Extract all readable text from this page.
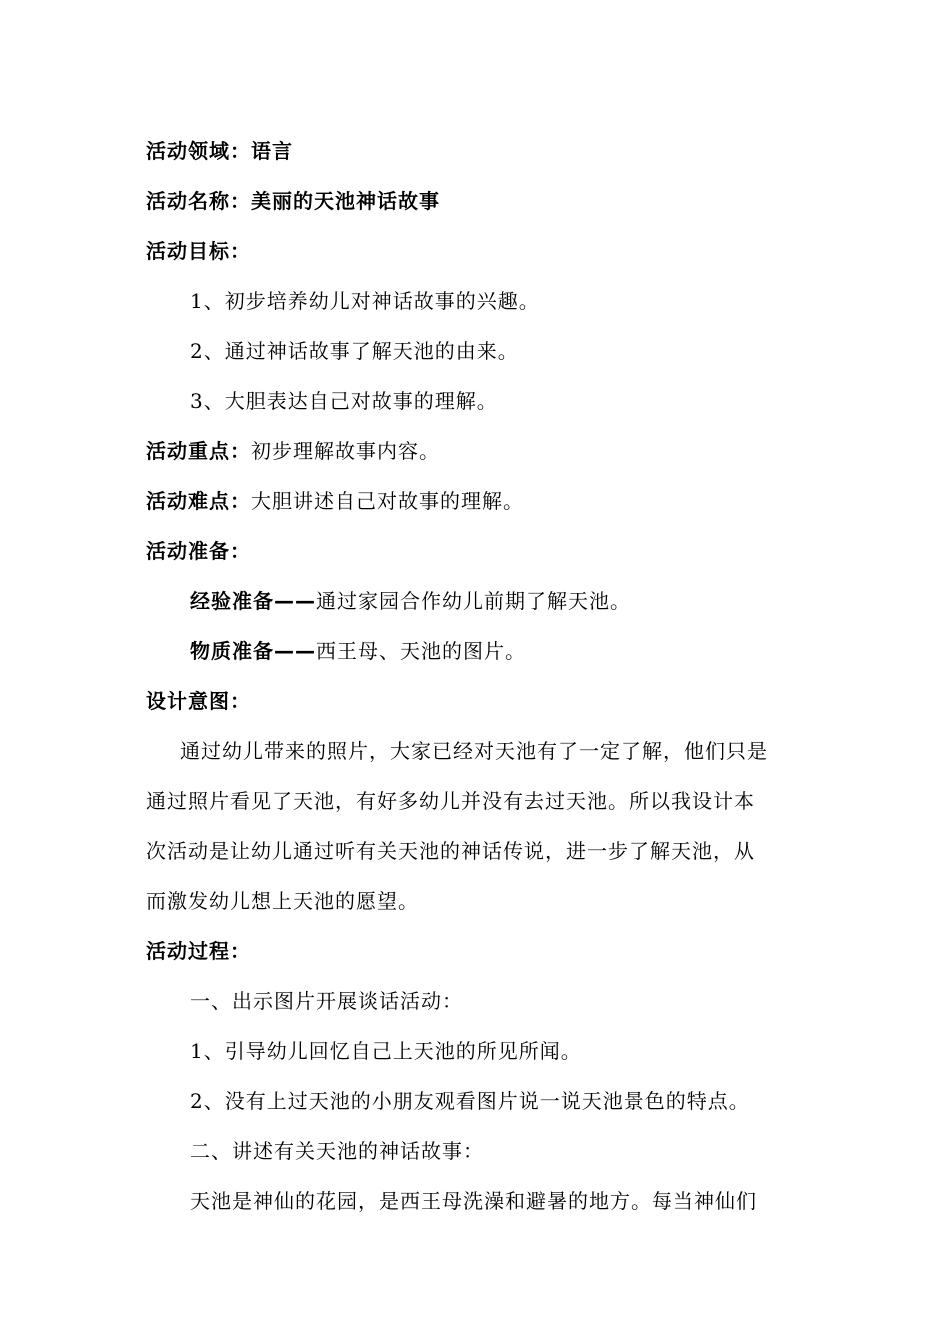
活动领域：语言
活动名称：美丽的天池神话故事
活动目标：
1、初步培养幼儿对神话故事的兴趣。
2、通过神话故事了解天池的由来。
3、大胆表达自己对故事的理解。
活动重点：初步理解故事内容。
活动难点：大胆讲述自己对故事的理解。
活动准备：
经验准备——通过家园合作幼儿前期了解天池。
物质准备——西王母、天池的图片。
设计意图：
通过幼儿带来的照片，大家已经对天池有了一定了解，他们只是
通过照片看见了天池，有好多幼儿并没有去过天池。所以我设计本
次活动是让幼儿通过听有关天池的神话传说，进一步了解天池，从
而激发幼儿想上天池的愿望。
活动过程：
一、出示图片开展谈话活动：
1、引导幼儿回忆自己上天池的所见所闻。
2、没有上过天池的小朋友观看图片说一说天池景色的特点。
二、讲述有关天池的神话故事：
天池是神仙的花园，是西王母洗澡和避暑的地方。每当神仙们
